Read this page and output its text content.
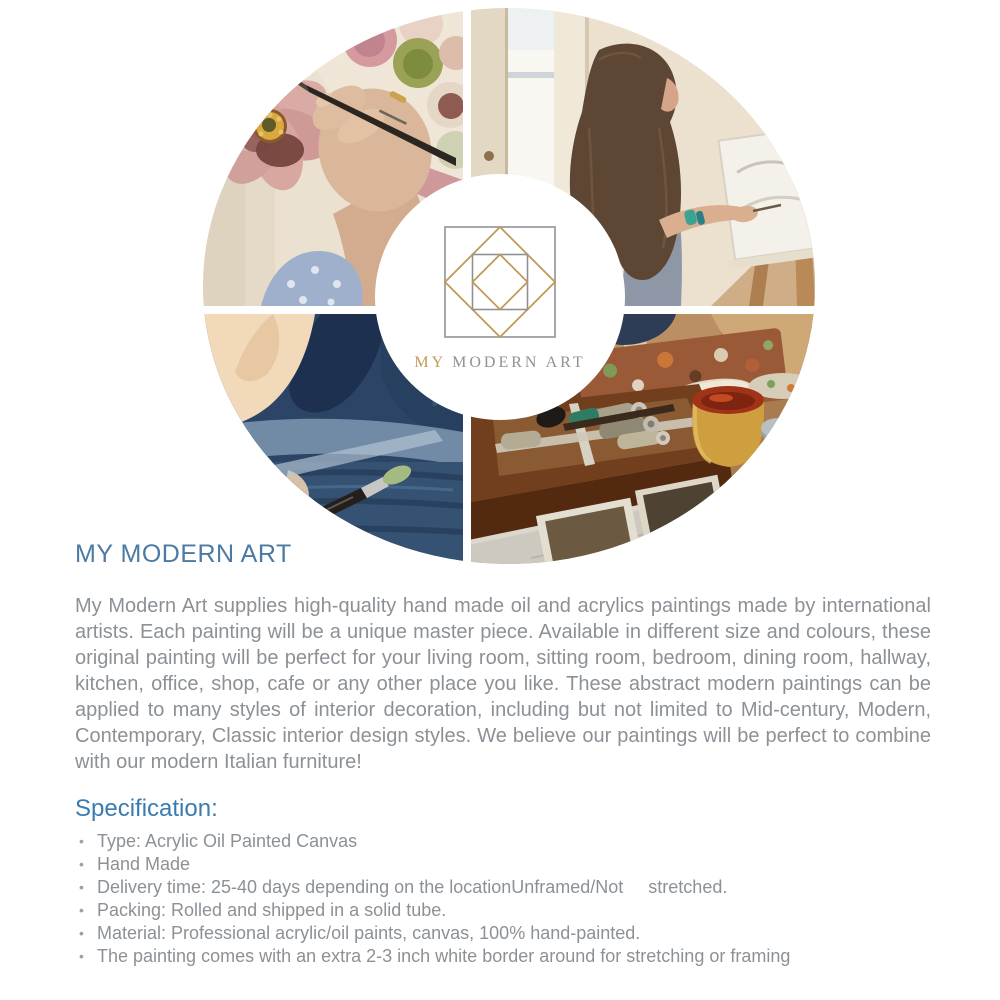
MY MODERN ART
MY MODERN ART

My Modern Art supplies high-quality hand made oil and acrylics paintings made by international artists. Each painting will be a unique master piece. Available in different size and colours, these original painting will be perfect for your living room, sitting room, bedroom, dining room, hallway, kitchen, office, shop, cafe or any other place you like. These abstract modern paintings can be applied to many styles of interior decoration, including but not limited to Mid-century, Modern, Contemporary, Classic interior design styles. We believe our paintings will be perfect to combine with our modern Italian furniture!

Specification:
• Type: Acrylic Oil Painted Canvas
• Hand Made
• Delivery time: 25-40 days depending on the locationUnframed/Not     stretched.
• Packing: Rolled and shipped in a solid tube.
• Material: Professional acrylic/oil paints, canvas, 100% hand-painted.
• The painting comes with an extra 2-3 inch white border around for stretching or framing
